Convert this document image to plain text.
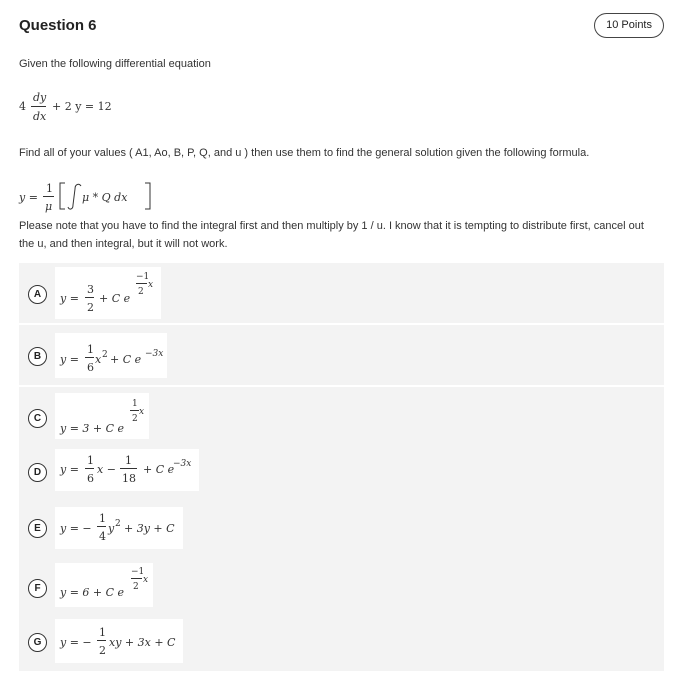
Question 6	10 Points
Given the following differential equation
4
dy
dx
+ 2 y = 12
Find all of your values ( A1, Ao, B, P, Q, and u ) then use them to find the general solution given the following formula.
y =
1
μ
μ * Q dx
Please note that you have to find the integral first and then multiply by 1 / u. I know that it is tempting to distribute first, cancel out
the u, and then integral, but it will not work.
A	y =
3
2
+ C e
−1
2
x
B	y =
1
6
x 2 + C e −3x
C
y = 3 + C e
1
2
x
D	y =
1
6
x −
1
18
+ C e
−3x
E	y = −
1
4
y 2 + 3y + C
F	y = 6 + C e
−1
2
x
G	y = −
1
2
xy + 3x + C
